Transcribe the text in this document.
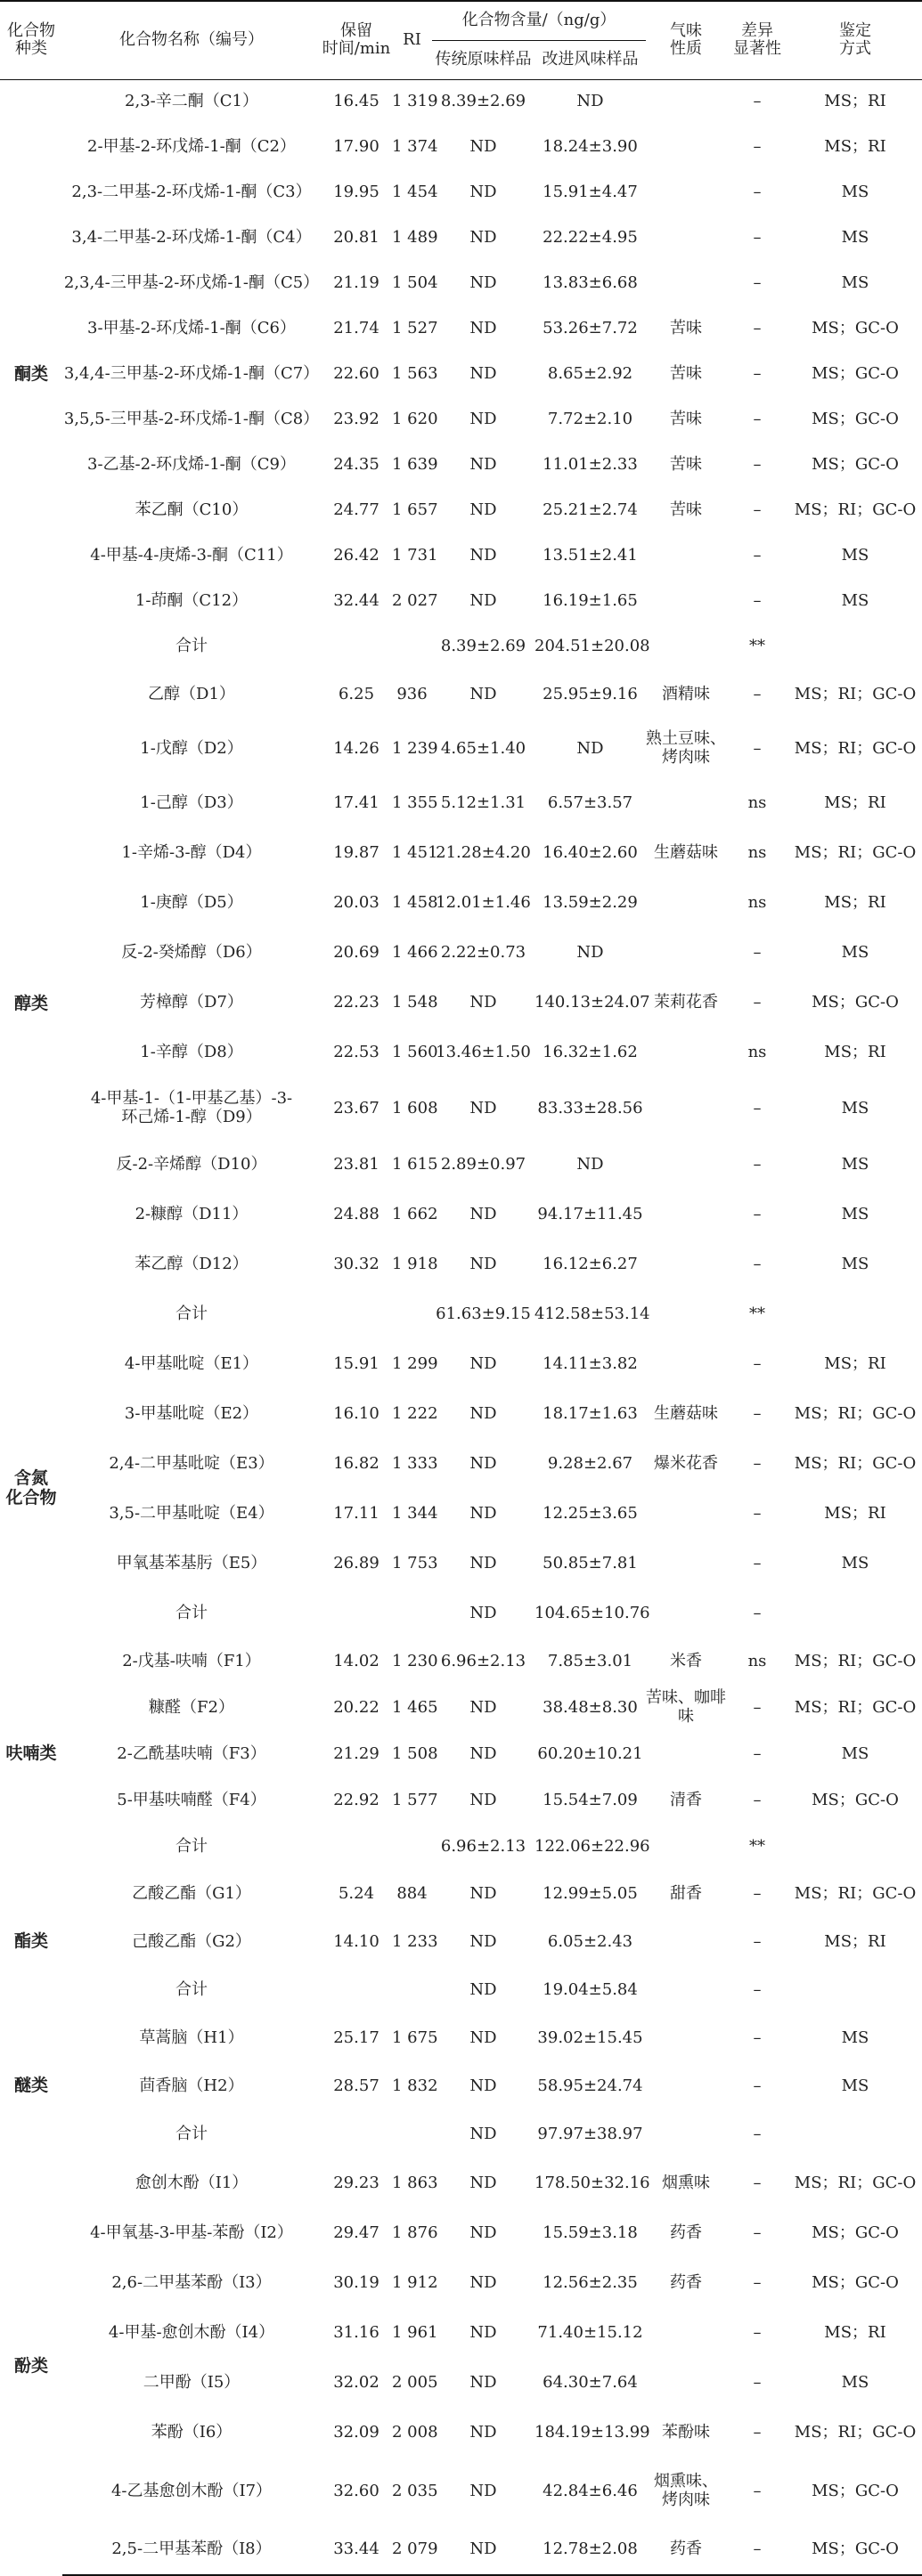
化合物
种类	化合物名称（编号）	保留
时间/min	RI	化合物含量/（ng/g）		气味
性质	差异
显著性	鉴定
方式
				传统原味样品	改进风味样品			
酮类	2,3-辛二酮（C1）	16.45	1 319	8.39±2.69	ND		–	MS；RI
	2-甲基-2-环戊烯-1-酮（C2）	17.90	1 374	ND	18.24±3.90		–	MS；RI
	2,3-二甲基-2-环戊烯-1-酮（C3）	19.95	1 454	ND	15.91±4.47		–	MS
	3,4-二甲基-2-环戊烯-1-酮（C4）	20.81	1 489	ND	22.22±4.95		–	MS
	2,3,4-三甲基-2-环戊烯-1-酮（C5）	21.19	1 504	ND	13.83±6.68		–	MS
	3-甲基-2-环戊烯-1-酮（C6）	21.74	1 527	ND	53.26±7.72	苦味	–	MS；GC-O
	3,4,4-三甲基-2-环戊烯-1-酮（C7）	22.60	1 563	ND	8.65±2.92	苦味	–	MS；GC-O
	3,5,5-三甲基-2-环戊烯-1-酮（C8）	23.92	1 620	ND	7.72±2.10	苦味	–	MS；GC-O
	3-乙基-2-环戊烯-1-酮（C9）	24.35	1 639	ND	11.01±2.33	苦味	–	MS；GC-O
	苯乙酮（C10）	24.77	1 657	ND	25.21±2.74	苦味	–	MS；RI；GC-O
	4-甲基-4-庚烯-3-酮（C11）	26.42	1 731	ND	13.51±2.41		–	MS
	1-茚酮（C12）	32.44	2 027	ND	16.19±1.65		–	MS
	合计			8.39±2.69	204.51±20.08		**	
醇类	乙醇（D1）	6.25	936	ND	25.95±9.16	酒精味	–	MS；RI；GC-O
	1-戊醇（D2）	14.26	1 239	4.65±1.40	ND	熟土豆味、
烤肉味	–	MS；RI；GC-O
	1-己醇（D3）	17.41	1 355	5.12±1.31	6.57±3.57		ns	MS；RI
	1-辛烯-3-醇（D4）	19.87	1 451	21.28±4.20	16.40±2.60	生蘑菇味	ns	MS；RI；GC-O
	1-庚醇（D5）	20.03	1 458	12.01±1.46	13.59±2.29		ns	MS；RI
	反-2-癸烯醇（D6）	20.69	1 466	2.22±0.73	ND		–	MS
	芳樟醇（D7）	22.23	1 548	ND	140.13±24.07	茉莉花香	–	MS；GC-O
	1-辛醇（D8）	22.53	1 560	13.46±1.50	16.32±1.62		ns	MS；RI
	4-甲基-1-（1-甲基乙基）-3-
环己烯-1-醇（D9）	23.67	1 608	ND	83.33±28.56		–	MS
	反-2-辛烯醇（D10）	23.81	1 615	2.89±0.97	ND		–	MS
	2-糠醇（D11）	24.88	1 662	ND	94.17±11.45		–	MS
	苯乙醇（D12）	30.32	1 918	ND	16.12±6.27		–	MS
	合计			61.63±9.15	412.58±53.14		**	
含氮
化合物	4-甲基吡啶（E1）	15.91	1 299	ND	14.11±3.82		–	MS；RI
	3-甲基吡啶（E2）	16.10	1 222	ND	18.17±1.63	生蘑菇味	–	MS；RI；GC-O
	2,4-二甲基吡啶（E3）	16.82	1 333	ND	9.28±2.67	爆米花香	–	MS；RI；GC-O
	3,5-二甲基吡啶（E4）	17.11	1 344	ND	12.25±3.65		–	MS；RI
	甲氧基苯基肟（E5）	26.89	1 753	ND	50.85±7.81		–	MS
	合计			ND	104.65±10.76		–	
呋喃类	2-戊基-呋喃（F1）	14.02	1 230	6.96±2.13	7.85±3.01	米香	ns	MS；RI；GC-O
	糠醛（F2）	20.22	1 465	ND	38.48±8.30	苦味、咖啡味	–	MS；RI；GC-O
	2-乙酰基呋喃（F3）	21.29	1 508	ND	60.20±10.21		–	MS
	5-甲基呋喃醛（F4）	22.92	1 577	ND	15.54±7.09	清香	–	MS；GC-O
	合计			6.96±2.13	122.06±22.96		**	
酯类	乙酸乙酯（G1）	5.24	884	ND	12.99±5.05	甜香	–	MS；RI；GC-O
	己酸乙酯（G2）	14.10	1 233	ND	6.05±2.43		–	MS；RI
	合计			ND	19.04±5.84		–	
醚类	草蒿脑（H1）	25.17	1 675	ND	39.02±15.45		–	MS
	茴香脑（H2）	28.57	1 832	ND	58.95±24.74		–	MS
	合计			ND	97.97±38.97		–	
酚类	愈创木酚（I1）	29.23	1 863	ND	178.50±32.16	烟熏味	–	MS；RI；GC-O
	4-甲氧基-3-甲基-苯酚（I2）	29.47	1 876	ND	15.59±3.18	药香	–	MS；GC-O
	2,6-二甲基苯酚（I3）	30.19	1 912	ND	12.56±2.35	药香	–	MS；GC-O
	4-甲基-愈创木酚（I4）	31.16	1 961	ND	71.40±15.12		–	MS；RI
	二甲酚（I5）	32.02	2 005	ND	64.30±7.64		–	MS
	苯酚（I6）	32.09	2 008	ND	184.19±13.99	苯酚味	–	MS；RI；GC-O
	4-乙基愈创木酚（I7）	32.60	2 035	ND	42.84±6.46	烟熏味、
烤肉味	–	MS；GC-O
	2,5-二甲基苯酚（I8）	33.44	2 079	ND	12.78±2.08	药香	–	MS；GC-O
